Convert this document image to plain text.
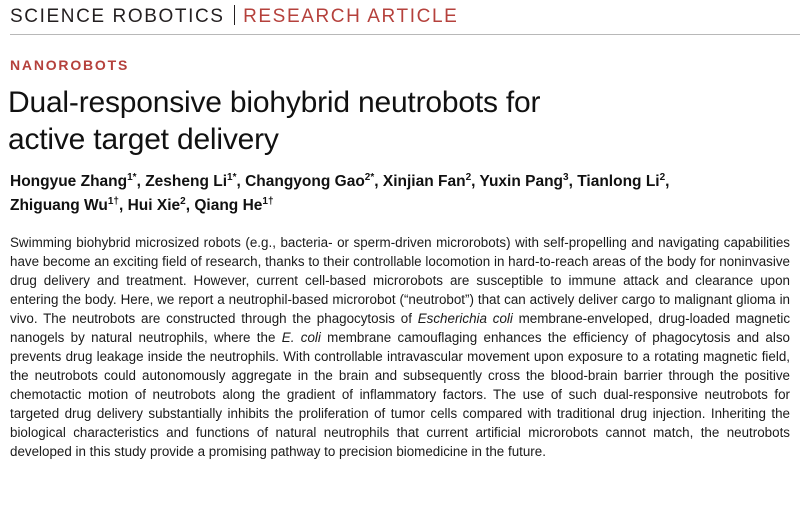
SCIENCE ROBOTICS RESEARCH ARTICLE
NANOROBOTS
Dual-responsive biohybrid neutrobots for
active target delivery
Hongyue Zhang$^{1*}$, Zesheng $Li^{1*}$, Changyong Gao$^{2*}$, Xinjian Fan$^2$, Yuxin Pang$^3$, Tianlong Li$^2$,
Zhiguang $Wu^{1\dagger}$, Hui Xie$^2$, Qiang $He^{1\dagger}$

Swimming biohybrid microsized robots (e.g., bacteria- or sperm-driven microrobots) with self-propelling and navigating capabilities have become an exciting field of research, thanks to their controllable locomotion in hard-to-reach areas of the body for noninvasive drug delivery and treatment. However, current cell-based microrobots are susceptible to immune attack and clearance upon entering the body. Here, we report a neutrophil-based microrobot (“neutrobot”) that can actively deliver cargo to malignant glioma in vivo. The neutrobots are constructed through the phagocytosis of Escherichia coli membrane-enveloped, drug-loaded magnetic nanogels by natural neutrophils, where the E. coli membrane camouflaging enhances the efficiency of phagocytosis and also prevents drug leakage inside the neutrophils. With controllable intravascular movement upon exposure to a rotating magnetic field, the neutrobots could autonomously aggregate in the brain and subsequently cross the blood-brain barrier through the positive chemotactic motion of neutrobots along the gradient of inflammatory factors. The use of such dual-responsive neutrobots for targeted drug delivery substantially inhibits the proliferation of tumor cells compared with traditional drug injection. Inheriting the biological characteristics and functions of natural neutrophils that current artificial microrobots cannot match, the neutrobots developed in this study provide a promising pathway to precision biomedicine in the future.
